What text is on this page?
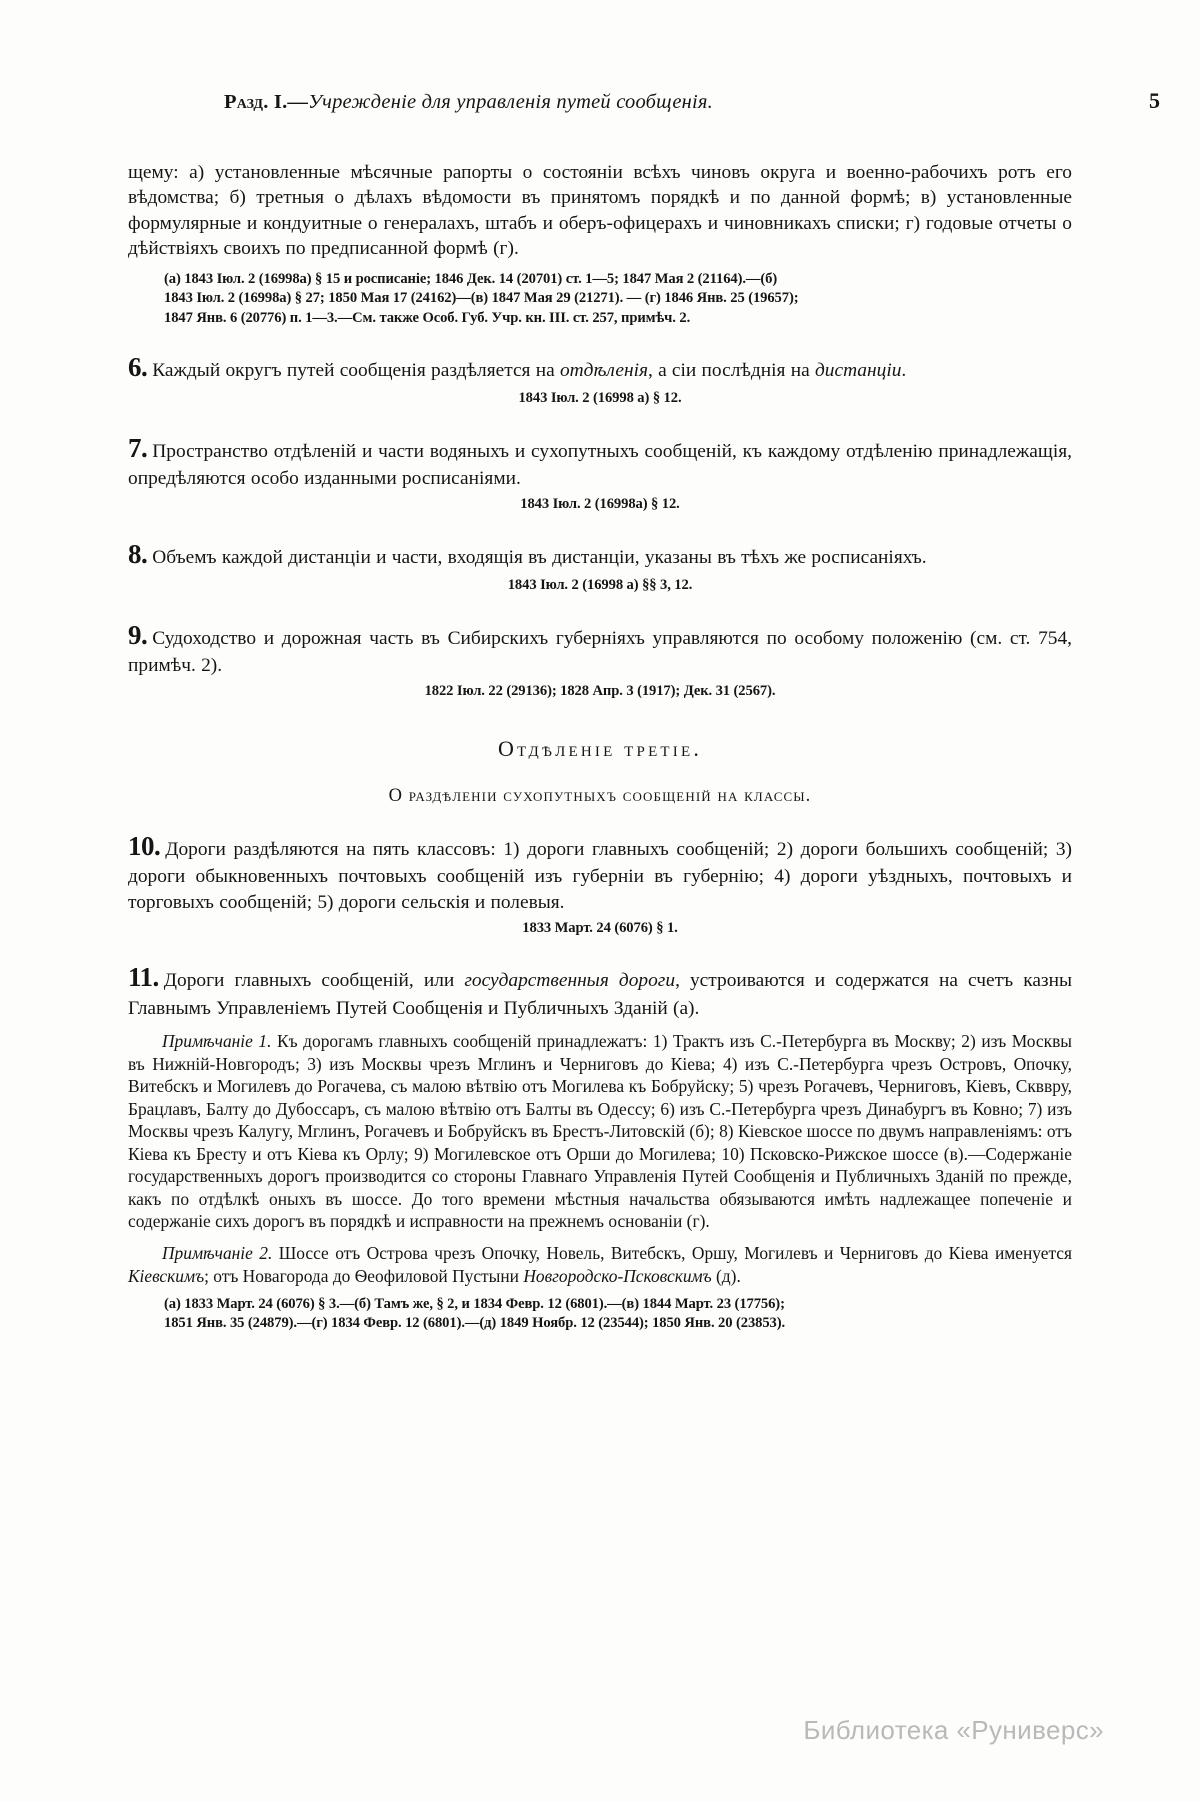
Разд. I.—Учрежденіе для управленія путей сообщенія.	5

щему: а) установленные мѣсячные рапорты о состояніи всѣхъ чиновъ округа и военно-рабочихъ ротъ его вѣдомства; б) третныя о дѣлахъ вѣдомости въ принятомъ порядкѣ и по данной формѣ; в) установленные формулярные и кондуитные о генералахъ, штабъ и оберъ-офицерахъ и чиновникахъ списки; г) годовые отчеты о дѣйствіяхъ своихъ по предписанной формѣ (г).

(а) 1843 Іюл. 2 (16998а) § 15 и росписаніе; 1846 Дек. 14 (20701) ст. 1—5; 1847 Мая 2 (21164).—(б)
1843 Іюл. 2 (16998а) § 27; 1850 Мая 17 (24162)—(в) 1847 Мая 29 (21271). — (г) 1846 Янв. 25 (19657);
1847 Янв. 6 (20776) п. 1—3.—См. также Особ. Губ. Учр. кн. III. ст. 257, примѣч. 2.

6. Каждый округъ путей сообщенія раздѣляется на отдѣленія, а сіи послѣднія на дистанціи.

1843 Іюл. 2 (16998 а) § 12.

7. Пространство отдѣленій и части водяныхъ и сухопутныхъ сообщеній, къ каждому отдѣленію принадлежащія, опредѣляются особо изданными росписаніями.

1843 Іюл. 2 (16998а) § 12.

8. Объемъ каждой дистанціи и части, входящія въ дистанціи, указаны въ тѣхъ же росписаніяхъ.

1843 Іюл. 2 (16998 а) §§ 3, 12.

9. Судоходство и дорожная часть въ Сибирскихъ губерніяхъ управляются по особому положенію (см. ст. 754, примѣч. 2).

1822 Іюл. 22 (29136); 1828 Апр. 3 (1917); Дек. 31 (2567).
Отдѣленіе третіе.
О раздѣленіи сухопутныхъ сообщеній на классы.

10. Дороги раздѣляются на пять классовъ: 1) дороги главныхъ сообщеній; 2) дороги большихъ сообщеній; 3) дороги обыкновенныхъ почтовыхъ сообщеній изъ губерніи въ губернію; 4) дороги уѣздныхъ, почтовыхъ и торговыхъ сообщеній; 5) дороги сельскія и полевыя.

1833 Март. 24 (6076) § 1.

11. Дороги главныхъ сообщеній, или государственныя дороги, устроиваются и содержатся на счетъ казны Главнымъ Управленіемъ Путей Сообщенія и Публичныхъ Зданій (а).

Примѣчаніе 1. Къ дорогамъ главныхъ сообщеній принадлежатъ: 1) Трактъ изъ С.-Петербурга въ Москву; 2) изъ Москвы въ Нижній-Новгородъ; 3) изъ Москвы чрезъ Мглинъ и Черниговъ до Кіева; 4) изъ С.-Петербурга чрезъ Островъ, Опочку, Витебскъ и Могилевъ до Рогачева, съ малою вѣтвію отъ Могилева къ Бобруйску; 5) чрезъ Рогачевъ, Черниговъ, Кіевъ, Скввру, Брацлавъ, Балту до Дубоссаръ, съ малою вѣтвію отъ Балты въ Одессу; 6) изъ С.-Петербурга чрезъ Динабургъ въ Ковно; 7) изъ Москвы чрезъ Калугу, Мглинъ, Рогачевъ и Бобруйскъ въ Брестъ-Литовскій (б); 8) Кіевское шоссе по двумъ направленіямъ: отъ Кіева къ Бресту и отъ Кіева къ Орлу; 9) Могилевское отъ Орши до Могилева; 10) Псковско-Рижское шоссе (в).—Содержаніе государственныхъ дорогъ производится со стороны Главнаго Управленія Путей Сообщенія и Публичныхъ Зданій по прежде, какъ по отдѣлкѣ оныхъ въ шоссе. До того времени мѣстныя начальства обязываются имѣть надлежащее попеченіе и содержаніе сихъ дорогъ въ порядкѣ и исправности на прежнемъ основаніи (г).

Примѣчаніе 2. Шоссе отъ Острова чрезъ Опочку, Новель, Витебскъ, Оршу, Могилевъ и Черниговъ до Кіева именуется Кіевскимъ; отъ Новагорода до Ѳеофиловой Пустыни Новгородско-Псковскимъ (д).

(а) 1833 Март. 24 (6076) § 3.—(б) Тамъ же, § 2, и 1834 Февр. 12 (6801).—(в) 1844 Март. 23 (17756);
1851 Янв. 35 (24879).—(г) 1834 Февр. 12 (6801).—(д) 1849 Ноябр. 12 (23544); 1850 Янв. 20 (23853).
Библиотека «Руниверс»
